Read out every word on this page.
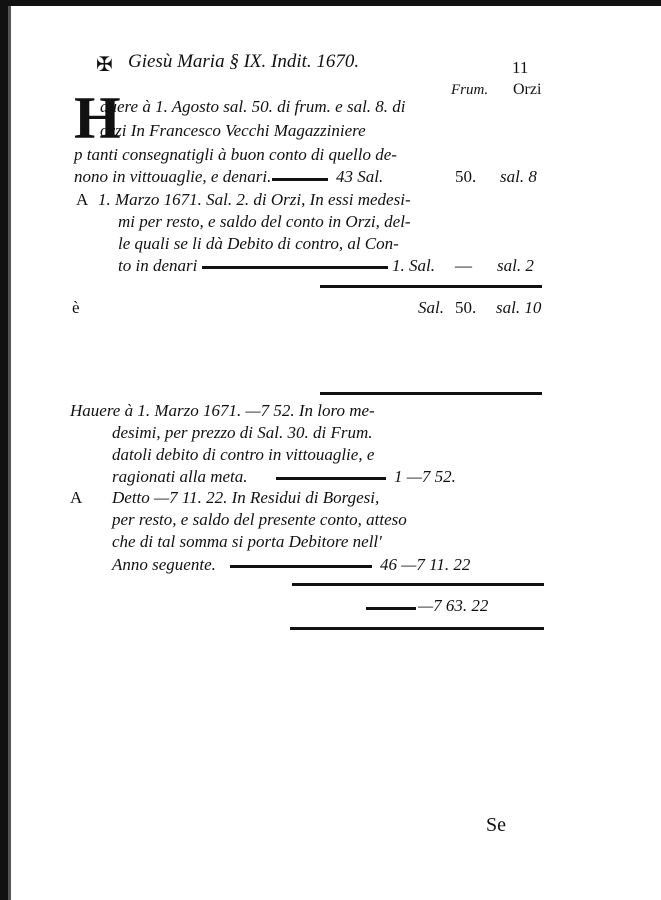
✠ Giesù Maria § IX. Indit. 1670.	11
Frum. Orzi
H
auere à 1. Agosto sal. 50. di frum. e sal. 8. di
orzi In Francesco Vecchi Magazziniere
p tanti consegnatigli à buon conto di quello de-
nono in vittouaglie, e denari.	43 Sal.	50. sal. 8
A 1. Marzo 1671. Sal. 2. di Orzi, In essi medesi-
mi per resto, e saldo del conto in Orzi, del-
le quali se li dà Debito di contro, al Con-
to in denari	1. Sal. — sal. 2
è	Sal. 50. sal. 10
Hauere à 1. Marzo 1671. —7 52. In loro me-
desimi, per prezzo di Sal. 30. di Frum.
datoli debito di contro in vittouaglie, e
ragionati alla meta.	1 —7 52.
A Detto —7 11. 22. In Residui di Borgesi,
per resto, e saldo del presente conto, atteso
che di tal somma si porta Debitore nell'
Anno seguente.	46 —7 11. 22
—7 63. 22
Se
